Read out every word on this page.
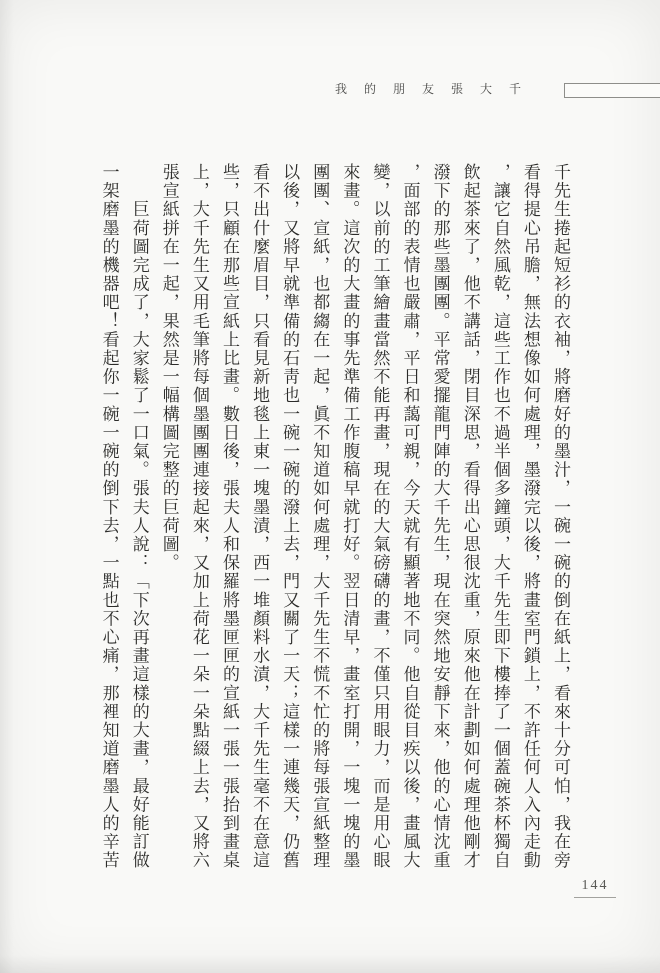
我 的 朋 友 張 大 千
千先生捲起短衫的衣袖，將磨好的墨汁，一碗一碗的倒在紙上，看來十分可怕，我在旁
看得提心吊膽，無法想像如何處理，墨潑完以後，將畫室門鎖上，不許任何人入內走動
，讓它自然風乾，這些工作也不過半個多鐘頭，大千先生即下樓捧了一個蓋碗茶杯獨自
飲起茶來了，他不講話，閉目深思，看得出心思很沈重，原來他在計劃如何處理他剛才
潑下的那些墨團團。平常愛擺龍門陣的大千先生，現在突然地安靜下來，他的心情沈重
，面部的表情也嚴肅，平日和藹可親，今天就有顯著地不同。他自從目疾以後，畫風大
變，以前的工筆繪畫當然不能再畫，現在的大氣磅礴的畫，不僅只用眼力，而是用心眼
來畫。這次的大畫的事先準備工作腹稿早就打好。翌日清早，畫室打開，一塊一塊的墨
團團、宣紙，也都縐在一起，眞不知道如何處理，大千先生不慌不忙的將每張宣紙整理
以後，又將早就準備的石靑也一碗一碗的潑上去，門又關了一天；這樣一連幾天，仍舊
看不出什麼眉目，只看見新地毯上東一塊墨漬，西一堆顏料水漬，大千先生毫不在意這
些，只顧在那些宣紙上比畫。數日後，張夫人和保羅將墨匣匣的宣紙一張一張抬到畫桌
上，大千先生又用毛筆將每個墨團團連接起來，又加上荷花一朵一朵點綴上去，又將六
張宣紙拼在一起，果然是一幅構圖完整的巨荷圖。
　　巨荷圖完成了，大家鬆了一口氣。張夫人說：「下次再畫這樣的大畫，最好能訂做
一架磨墨的機器吧！看起你一碗一碗的倒下去，一點也不心痛，那裡知道磨墨人的辛苦
144
